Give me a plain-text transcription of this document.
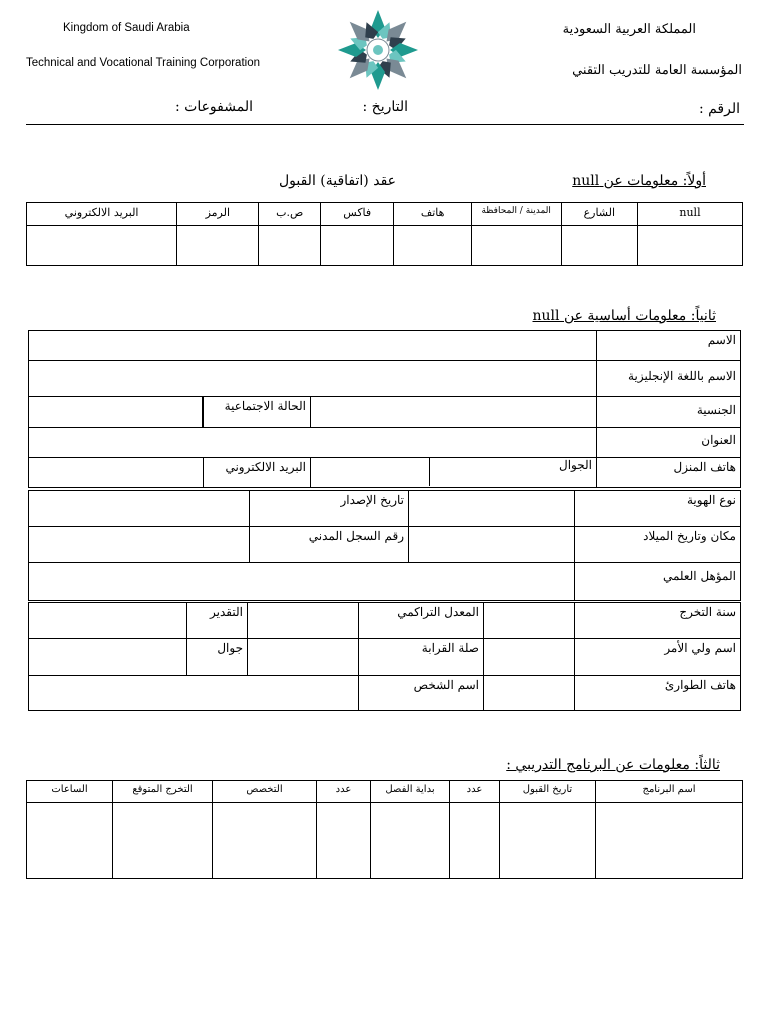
Kingdom of Saudi Arabia
Technical and Vocational Training Corporation
المملكة العربية السعودية
المؤسسة العامة للتدريب التقني
الرقم :
التاريخ :
المشفوعات :
أولاً: معلومات عن null
عقد (اتفاقية) القبول
null	الشارع	المدينة / المحافظة	هاتف	فاكس	ص.ب	الرمز	البريد الالكتروني

ثانياً: معلومات أساسية عن null
الاسم			
الاسم باللغة الإنجليزية			
الجنسية		الحالة الاجتماعية	
العنوان			
هاتف المنزل	الجوال	البريد الالكتروني	
نوع الهوية		تاريخ الإصدار	
مكان وتاريخ الميلاد		رقم السجل المدني	
المؤهل العلمي			
سنة التخرج		المعدل التراكمي		التقدير	
اسم ولي الأمر		صلة القرابة		جوال	
هاتف الطوارئ		اسم الشخص			
ثالثاً: معلومات عن البرنامج التدريبي :
اسم البرنامج	تاريخ القبول	عدد	بداية الفصل	عدد	التخصص	التخرج المتوقع	الساعات
